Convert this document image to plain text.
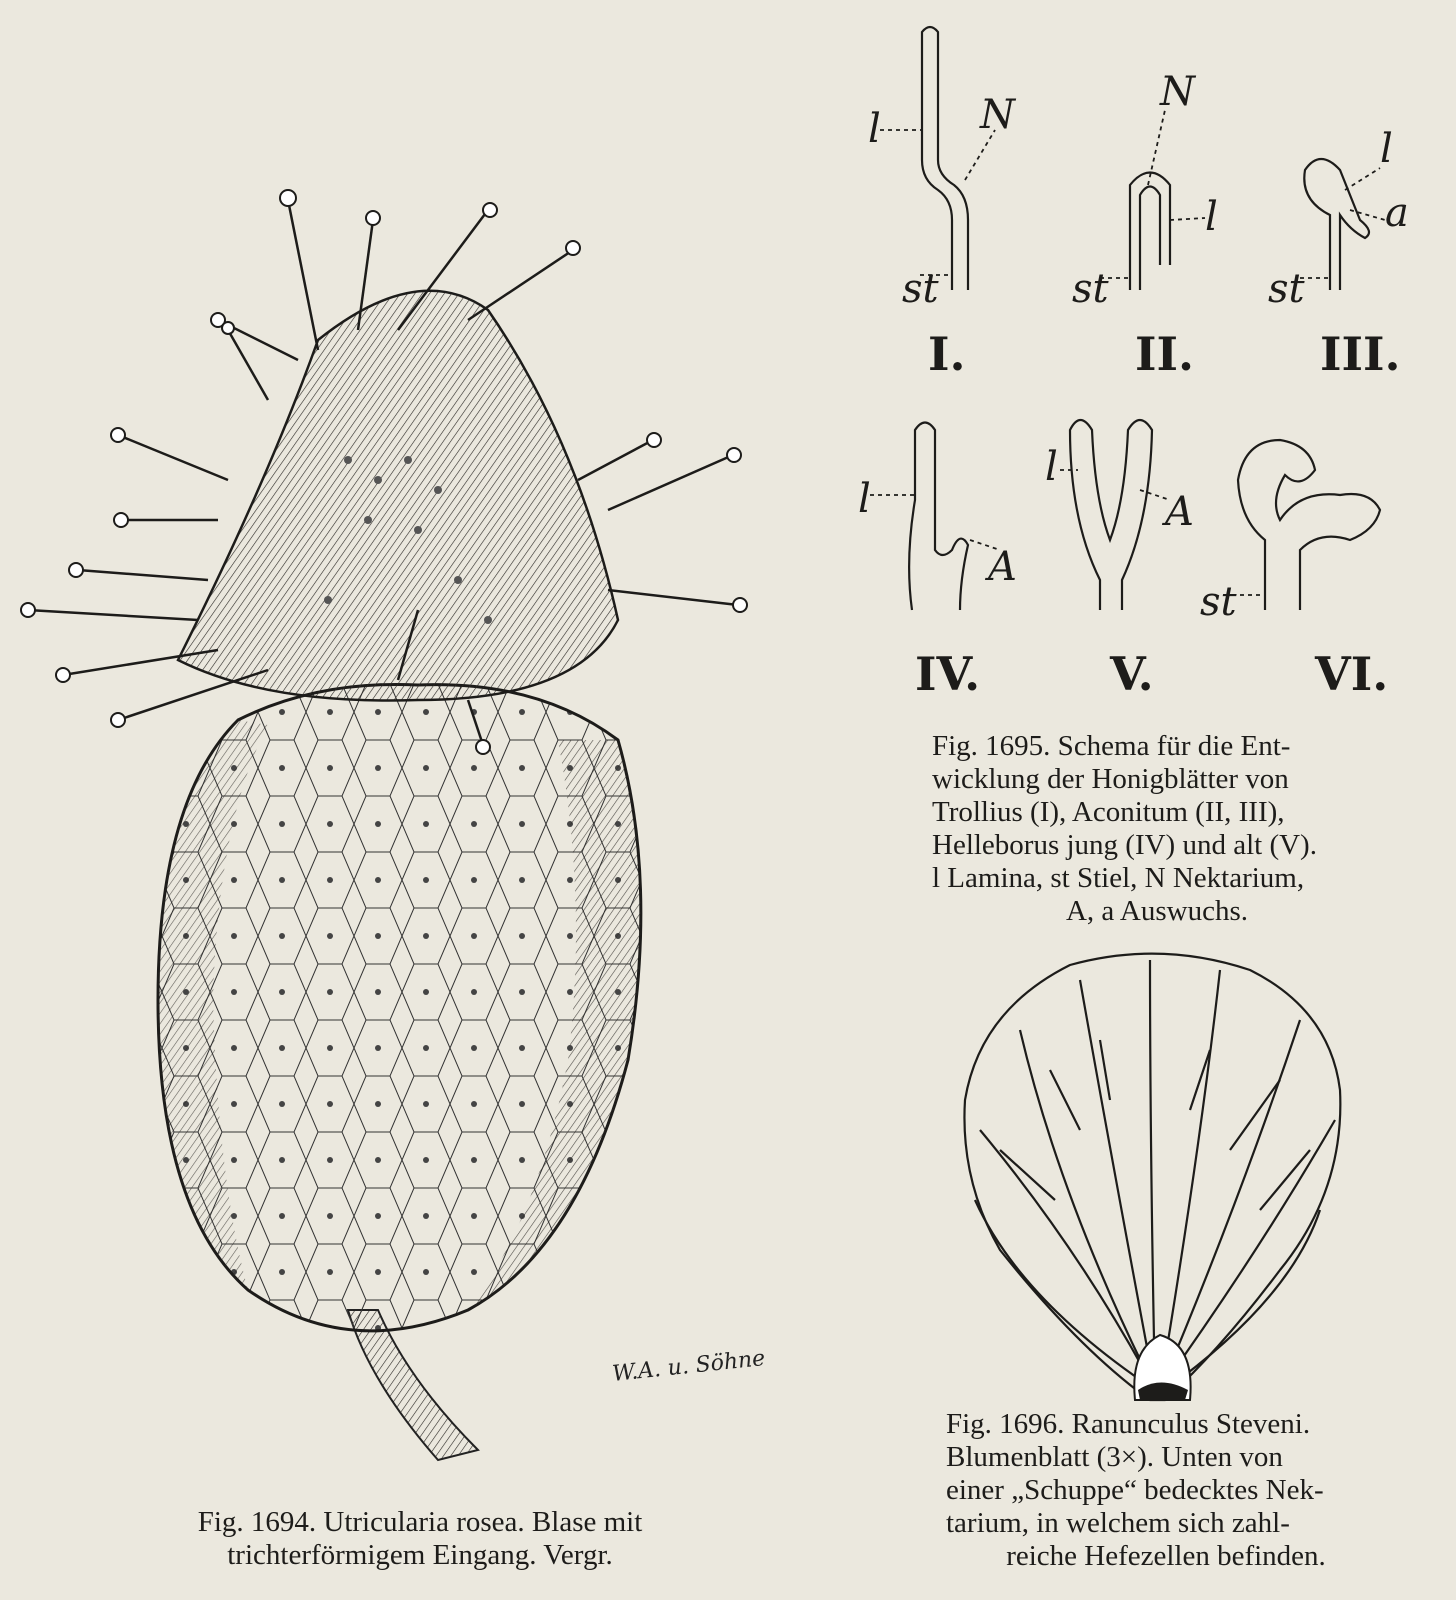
W.A. u. Söhne
Fig. 1694. Utricularia rosea. Blase mit
trichterförmigem Eingang. Vergr.
l N
st
N
l
st
l
a
st
I.	II.	III.
l
A
l
A
st
IV.	V.	VI.
Fig. 1695. Schema für die Ent-
wicklung der Honigblätter von
Trollius (I), Aconitum (II, III),
Helleborus jung (IV) und alt (V).
l Lamina, st Stiel, N Nektarium,
A, a Auswuchs.
Fig. 1696. Ranunculus Steveni.
Blumenblatt (3×). Unten von
einer „Schuppe“ bedecktes Nek-
tarium, in welchem sich zahl-
reiche Hefezellen befinden.
